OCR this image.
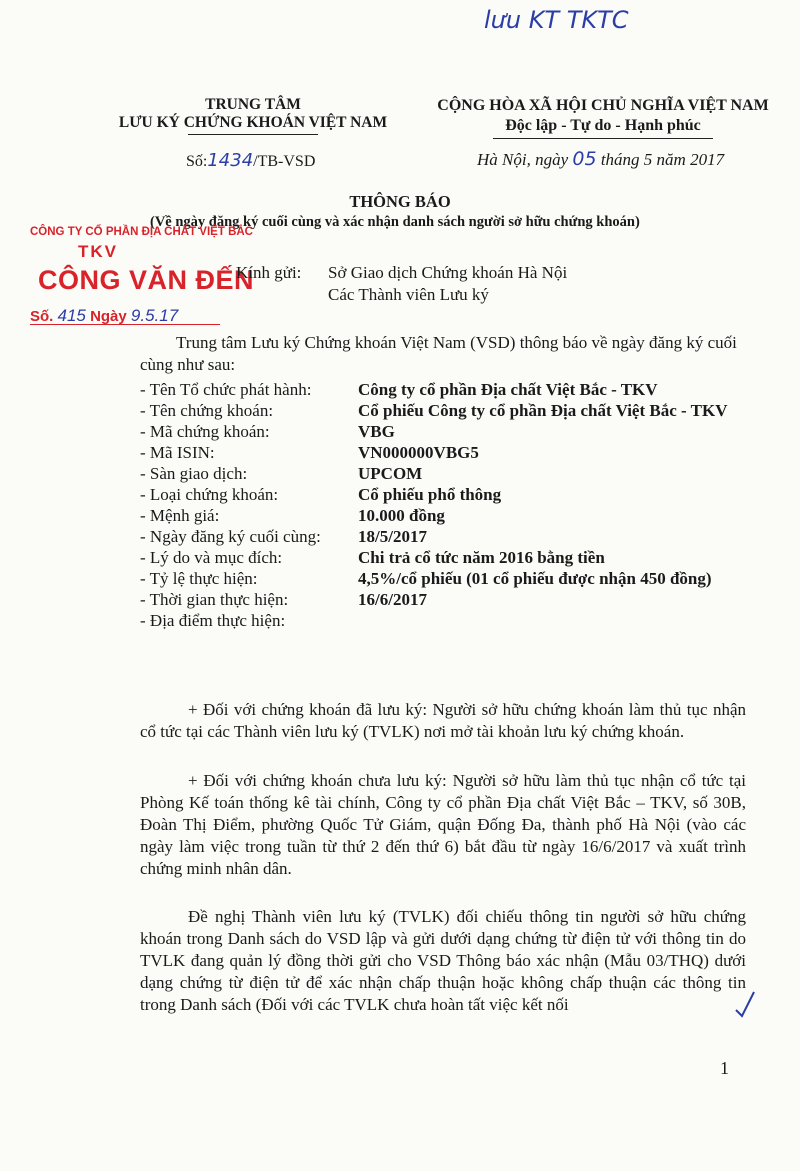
lưu KT TKTC
TRUNG TÂM
LƯU KÝ CHỨNG KHOÁN VIỆT NAM
CỘNG HÒA XÃ HỘI CHỦ NGHĨA VIỆT NAM
Độc lập - Tự do - Hạnh phúc
Số:1434/TB-VSD	Hà Nội, ngày 05 tháng 5 năm 2017
THÔNG BÁO
(Về ngày đăng ký cuối cùng và xác nhận danh sách người sở hữu chứng khoán)
CÔNG TY CỔ PHẦN ĐỊA CHẤT VIỆT BẮC
TKV
CÔNG VĂN ĐẾN
Số. 415 Ngày 9.5.17
Kính gửi: Sở Giao dịch Chứng khoán Hà Nội
Các Thành viên Lưu ký
Trung tâm Lưu ký Chứng khoán Việt Nam (VSD) thông báo về ngày đăng ký cuối cùng như sau:
- Tên Tổ chức phát hành:	Công ty cổ phần Địa chất Việt Bắc - TKV
- Tên chứng khoán:	Cổ phiếu Công ty cổ phần Địa chất Việt Bắc - TKV
- Mã chứng khoán:	VBG
- Mã ISIN:	VN000000VBG5
- Sàn giao dịch:	UPCOM
- Loại chứng khoán:	Cổ phiếu phổ thông
- Mệnh giá:	10.000 đồng
- Ngày đăng ký cuối cùng:	18/5/2017
- Lý do và mục đích:	Chi trả cổ tức năm 2016 bằng tiền
- Tỷ lệ thực hiện:	4,5%/cổ phiếu (01 cổ phiếu được nhận 450 đồng)
- Thời gian thực hiện:	16/6/2017
- Địa điểm thực hiện:	
+ Đối với chứng khoán đã lưu ký: Người sở hữu chứng khoán làm thủ tục nhận cổ tức tại các Thành viên lưu ký (TVLK) nơi mở tài khoản lưu ký chứng khoán.
+ Đối với chứng khoán chưa lưu ký: Người sở hữu làm thủ tục nhận cổ tức tại Phòng Kế toán thống kê tài chính, Công ty cổ phần Địa chất Việt Bắc – TKV, số 30B, Đoàn Thị Điểm, phường Quốc Tử Giám, quận Đống Đa, thành phố Hà Nội (vào các ngày làm việc trong tuần từ thứ 2 đến thứ 6) bắt đầu từ ngày 16/6/2017 và xuất trình chứng minh nhân dân.
Đề nghị Thành viên lưu ký (TVLK) đối chiếu thông tin người sở hữu chứng khoán trong Danh sách do VSD lập và gửi dưới dạng chứng từ điện tử với thông tin do TVLK đang quản lý đồng thời gửi cho VSD Thông báo xác nhận (Mẫu 03/THQ) dưới dạng chứng từ điện tử để xác nhận chấp thuận hoặc không chấp thuận các thông tin trong Danh sách (Đối với các TVLK chưa hoàn tất việc kết nối
1
